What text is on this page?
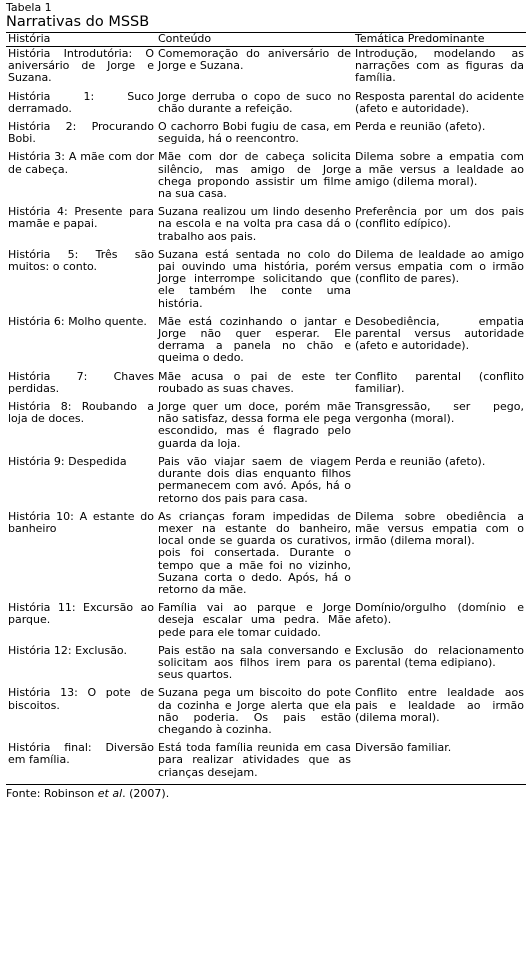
Tabela 1
Narrativas do MSSB
História	Conteúdo	Temática Predominante
História Introdutória: O aniversário de Jorge e Suzana.	Comemoração do aniversário de Jorge e Suzana.	Introdução, modelando as narrações com as figuras da família.
História 1: Suco derramado.	Jorge derruba o copo de suco no chão durante a refeição.	Resposta parental do acidente (afeto e autoridade).
História 2: Procurando Bobi.	O cachorro Bobi fugiu de casa, em seguida, há o reencontro.	Perda e reunião (afeto).
História 3: A mãe com dor de cabeça.	Mãe com dor de cabeça solicita silêncio, mas amigo de Jorge chega propondo assistir um filme na sua casa.	Dilema sobre a empatia com a mãe versus a lealdade ao amigo (dilema moral).
História 4: Presente para mamãe e papai.	Suzana realizou um lindo desenho na escola e na volta pra casa dá o trabalho aos pais.	Preferência por um dos pais (conflito edípico).
História 5: Três são muitos: o conto.	Suzana está sentada no colo do pai ouvindo uma história, porém Jorge interrompe solicitando que ele também lhe conte uma história.	Dilema de lealdade ao amigo versus empatia com o irmão (conflito de pares).
História 6: Molho quente.	Mãe está cozinhando o jantar e Jorge não quer esperar. Ele derrama a panela no chão e queima o dedo.	Desobediência, empatia parental versus autoridade (afeto e autoridade).
História 7: Chaves perdidas.	Mãe acusa o pai de este ter roubado as suas chaves.	Conflito parental (conflito familiar).
História 8: Roubando a loja de doces.	Jorge quer um doce, porém mãe não satisfaz, dessa forma ele pega escondido, mas é flagrado pelo guarda da loja.	Transgressão, ser pego, vergonha (moral).
História 9: Despedida	Pais vão viajar saem de viagem durante dois dias enquanto filhos permanecem com avó. Após, há o retorno dos pais para casa.	Perda e reunião (afeto).
História 10: A estante do banheiro	As crianças foram impedidas de mexer na estante do banheiro, local onde se guarda os curativos, pois foi consertada. Durante o tempo que a mãe foi no vizinho, Suzana corta o dedo. Após, há o retorno da mãe.	Dilema sobre obediência a mãe versus empatia com o irmão (dilema moral).
História 11: Excursão ao parque.	Família vai ao parque e Jorge deseja escalar uma pedra. Mãe pede para ele tomar cuidado.	Domínio/orgulho (domínio e afeto).
História 12: Exclusão.	Pais estão na sala conversando e solicitam aos filhos irem para os seus quartos.	Exclusão do relacionamento parental (tema edipiano).
História 13: O pote de biscoitos.	Suzana pega um biscoito do pote da cozinha e Jorge alerta que ela não poderia. Os pais estão chegando à cozinha.	Conflito entre lealdade aos pais e lealdade ao irmão (dilema moral).
História final: Diversão em família.	Está toda família reunida em casa para realizar atividades que as crianças desejam.	Diversão familiar.
Fonte: Robinson et al. (2007).
